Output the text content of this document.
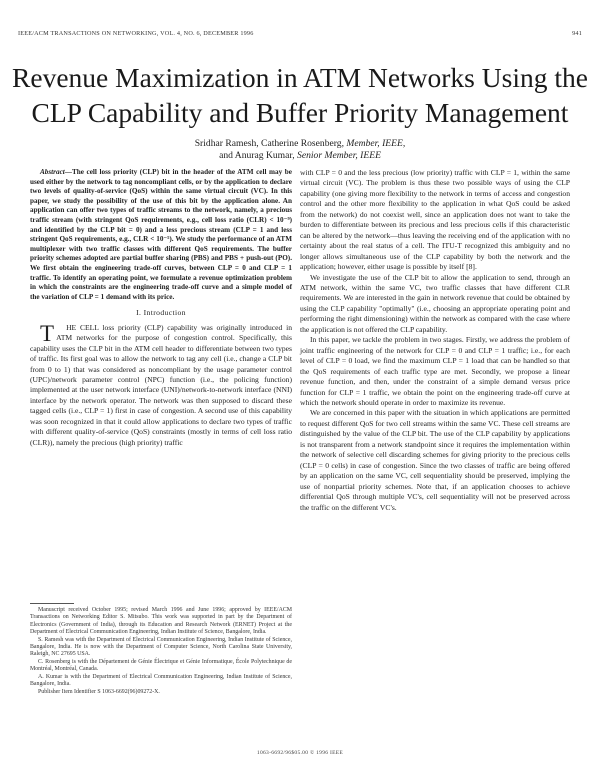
IEEE/ACM TRANSACTIONS ON NETWORKING, VOL. 4, NO. 6, DECEMBER 1996	941
Revenue Maximization in ATM Networks Using the CLP Capability and Buffer Priority Management
Sridhar Ramesh, Catherine Rosenberg, Member, IEEE,
and Anurag Kumar, Senior Member, IEEE

Abstract—The cell loss priority (CLP) bit in the header of the ATM cell may be used either by the network to tag noncompliant cells, or by the application to declare two levels of quality-of-service (QoS) within the same virtual circuit (VC). In this paper, we study the possibility of the use of this bit by the application alone. An application can offer two types of traffic streams to the network, namely, a precious traffic stream (with stringent QoS requirements, e.g., cell loss ratio (CLR) < 10⁻⁹) and identified by the CLP bit = 0) and a less precious stream (CLP = 1 and less stringent QoS requirements, e.g., CLR < 10⁻⁵). We study the performance of an ATM multiplexer with two traffic classes with different QoS requirements. The buffer priority schemes adopted are partial buffer sharing (PBS) and PBS + push-out (PO). We first obtain the engineering trade-off curves, between CLP = 0 and CLP = 1 traffic. To identify an operating point, we formulate a revenue optimization problem in which the constraints are the engineering trade-off curve and a simple model of the variation of CLP = 1 demand with its price.

I. Introduction

T HE CELL loss priority (CLP) capability was originally introduced in ATM networks for the purpose of congestion control. Specifically, this capability uses the CLP bit in the ATM cell header to differentiate between two types of traffic. Its first goal was to allow the network to tag any cell (i.e., change a CLP bit from 0 to 1) that was considered as noncompliant by the usage parameter control (UPC)/network parameter control (NPC) function (i.e., the policing function) implemented at the user network interface (UNI)/network-to-network interface (NNI) interface by the network operator. The network was then supposed to discard these tagged cells (i.e., CLP = 1) first in case of congestion. A second use of this capability was soon recognized in that it could allow applications to declare two types of traffic with different quality-of-service (QoS) constraints (mostly in terms of cell loss ratio (CLR)), namely the precious (high priority) traffic

Manuscript received October 1995; revised March 1996 and June 1996; approved by IEEE/ACM Transactions on Networking Editor S. Mitsubo. This work was supported in part by the Department of Electronics (Government of India), through its Education and Research Network (ERNET) Project at the Department of Electrical Communication Engineering, Indian Institute of Science, Bangalore, India.

S. Ramesh was with the Department of Electrical Communication Engineering, Indian Institute of Science, Bangalore, India. He is now with the Department of Computer Science, North Carolina State University, Raleigh, NC 27695 USA.

C. Rosenberg is with the Département de Génie Électrique et Génie Informatique, École Polytechnique de Montréal, Montréal, Canada.

A. Kumar is with the Department of Electrical Communication Engineering, Indian Institute of Science, Bangalore, India.

Publisher Item Identifier S 1063-6692(96)09272-X.

with CLP = 0 and the less precious (low priority) traffic with CLP = 1, within the same virtual circuit (VC). The problem is thus these two possible ways of using the CLP capability (one giving more flexibility to the network in terms of access and congestion control and the other more flexibility to the application in what QoS could be asked from the network) do not coexist well, since an application does not want to take the burden to differentiate between its precious and less precious cells if this characteristic can be altered by the network—thus leaving the receiving end of the application with no certainty about the real status of a cell. The ITU-T recognized this ambiguity and no longer allows simultaneous use of the CLP capability by both the network and the application; however, either usage is possible by itself [8].

We investigate the use of the CLP bit to allow the application to send, through an ATM network, within the same VC, two traffic classes that have different CLR requirements. We are interested in the gain in network revenue that could be obtained by using the CLP capability "optimally" (i.e., choosing an appropriate operating point and performing the right dimensioning) within the network as compared with the case where the application is not offered the CLP capability.

In this paper, we tackle the problem in two stages. Firstly, we address the problem of joint traffic engineering of the network for CLP = 0 and CLP = 1 traffic; i.e., for each level of CLP = 0 load, we find the maximum CLP = 1 load that can be handled so that the QoS requirements of each traffic type are met. Secondly, we propose a linear revenue function, and then, under the constraint of a simple demand versus price function for CLP = 1 traffic, we obtain the point on the engineering trade-off curve at which the network should operate in order to maximize its revenue.

We are concerned in this paper with the situation in which applications are permitted to request different QoS for two cell streams within the same VC. These cell streams are distinguished by the value of the CLP bit. The use of the CLP capability by applications is not transparent from a network standpoint since it requires the implementation within the network of selective cell discarding schemes for giving priority to the precious cells (CLP = 0 cells) in case of congestion. Since the two classes of traffic are being offered by an application on the same VC, cell sequentiality should be preserved, implying the use of nonpartial priority schemes. Note that, if an application chooses to achieve differential QoS through multiple VC's, cell sequentiality will not be preserved across the traffic on the different VC's.

1063-6692/96$05.00 © 1996 IEEE
